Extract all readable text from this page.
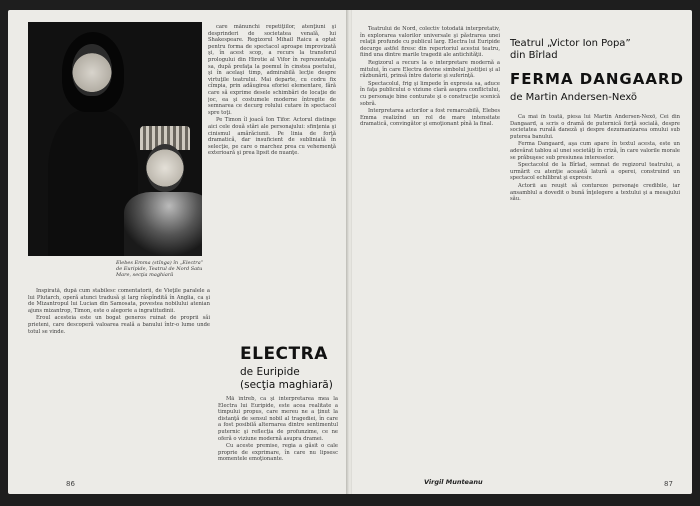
Elebes Emma (stînga) în „Electra” de Euripide, Teatrul de Nord Satu Mare, secţia maghiară

care mănunchi repetiţiilor, atenţiuni şi desprinderi de societatea venală, lui Shakespeare. Regizorul Mihail Raicu a optat pentru forma de spectacol aproape improvizată şi, în acest scop, a recurs la transferul prologului din Hirotie al Vifor în reprezentaţia sa, după prefaţa la poemul în cinstea poetului, şi în acelaşi timp, admirabilă lecţie despre virtuţile teatrului. Mai departe, cu codru fix cîmpia, prin adăugirea eforiei elementare, fără care să exprime desele schimbări de locaţie de joc, ea şi costumele moderne întregite de semnarea ce decurg rolului cutare în spectacol spre toţi.

Pe Timon îl joacă Ion Tifor. Actorul distinge aici cele două stări ale personajului: sfinţenia şi cinismul amărăciunii. Pe linia de forţă dramatică, dar insuficient de subliniată în selecţie, pe care o marchez prea cu vehemenţă exterioară şi prea lipsit de nuanţe.

Inspirată, după cum stabilesc comentatorii, de Vieţile paralele a lui Plutarch, operă atunci tradusă şi larg răspîndită în Anglia, ca şi de Mizantropul lui Lucian din Samosata, povestea nobilului atenian ajuns mizantrop, Timon, este o alegorie a ingratitudinii.

Eroul acesteia este un bogat generos ruinat de proprii săi prieteni, care descoperă valoarea reală a banului într-o lume unde totul se vinde.

ELECTRA
de Euripide
(secţia maghiară)

Mă întreb, ca şi interpretarea mea la Electra lui Euripide, este acea realitate a timpului propus, care mereu ne a ţinut la distanţă de sensul nobil al tragediei, în care a fost posibilă alternarea dintre sentimentul puternic şi reflecţia de profunzime, ce ne oferă o viziune modernă asupra dramei.

Cu aceste premise, regia a găsit o cale proprie de exprimare, în care nu lipsesc momentele emoţionante.

86

Teatrului de Nord, colectiv totodată interpretativ, în explorarea valorilor universale şi păstrarea unei relaţii profunde cu publicul larg. Electra lui Euripide decurge astfel firesc din repertoriul acestui teatru, fiind una dintre marile tragedii ale antichităţii.

Regizorul a recurs la o interpretare modernă a mitului, în care Electra devine simbolul justiţiei şi al răzbunării, prinsă între datorie şi suferinţă.

Spectacolul, frig şi limpede în expresia sa, aduce în faţa publicului o viziune clară asupra conflictului, cu personaje bine conturate şi o construcţie scenică sobră.

Interpretarea actorilor a fost remarcabilă, Elebes Emma realizînd un rol de mare intensitate dramatică, convingător şi emoţionant pînă la final.

Virgil Munteanu
Teatrul „Victor Ion Popa”
din Bîrlad
FERMA DANGAARD
de Martin Andersen-Nexö

Ca mai în toată, piesa lui Martin Andersen-Nexö, Cei din Dangaard, a scris o dramă de puternică forţă socială, despre societatea rurală daneză şi despre dezumanizarea omului sub puterea banului.

Ferma Dangaard, aşa cum apare în textul acesta, este un adevărat tablou al unei societăţi în criză, în care valorile morale se prăbuşesc sub presiunea intereselor.

Spectacolul de la Bîrlad, semnat de regizorul teatrului, a urmărit cu atenţie această latură a operei, construind un spectacol echilibrat şi expresiv.

Actorii au reuşit să contureze personaje credibile, iar ansamblul a dovedit o bună înţelegere a textului şi a mesajului său.

87
